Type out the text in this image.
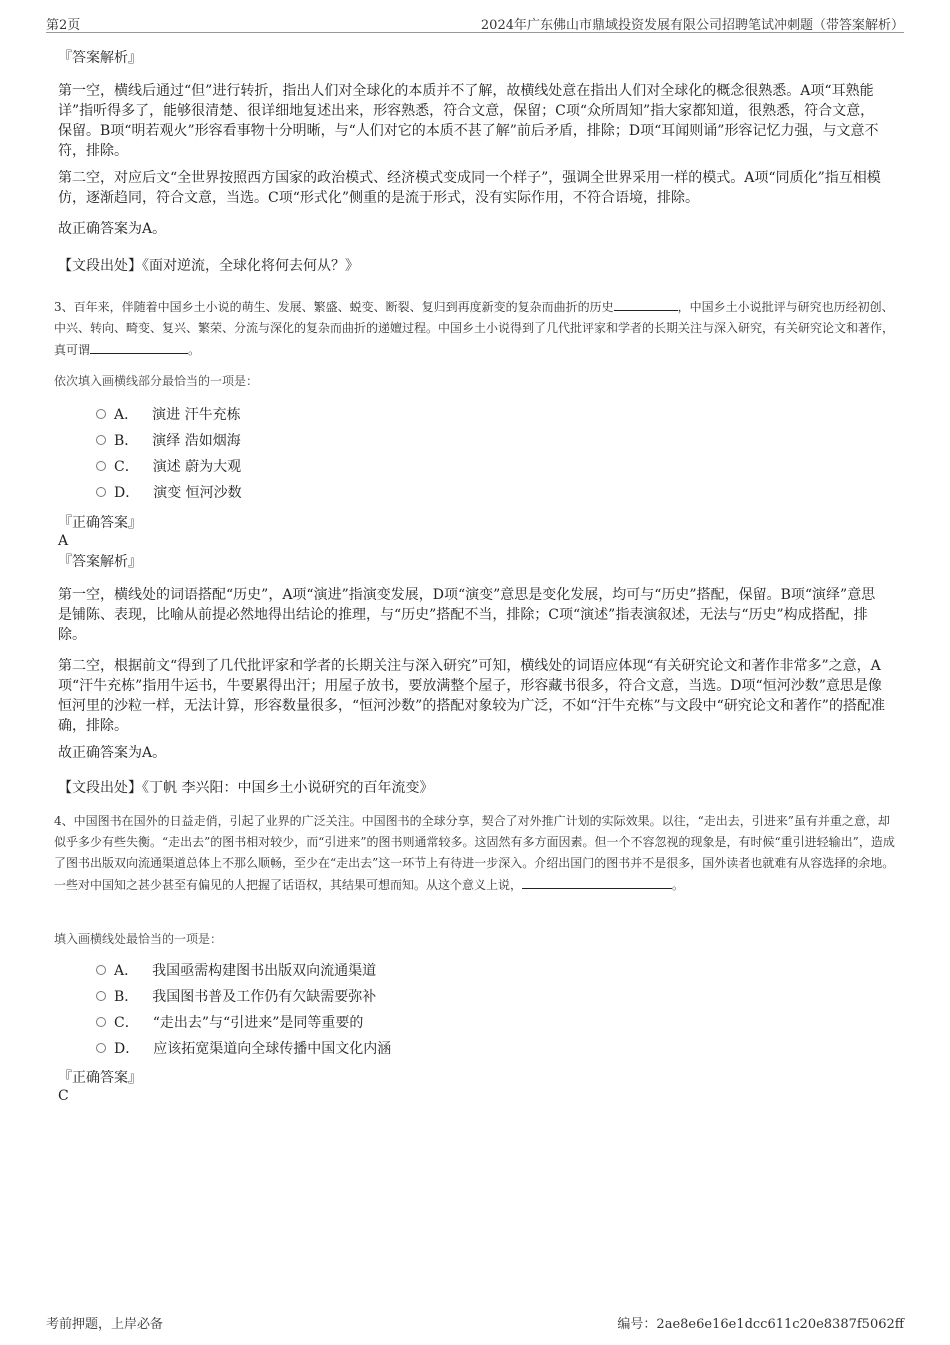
第2页	2024年广东佛山市鼎域投资发展有限公司招聘笔试冲刺题（带答案解析）
『答案解析』

第一空，横线后通过“但”进行转折，指出人们对全球化的本质并不了解，故横线处意在指出人们对全球化的概念很熟悉。A项“耳熟能详”指听得多了，能够很清楚、很详细地复述出来，形容熟悉，符合文意，保留；C项“众所周知”指大家都知道，很熟悉，符合文意，保留。B项“明若观火”形容看事物十分明晰，与“人们对它的本质不甚了解”前后矛盾，排除；D项“耳闻则诵”形容记忆力强，与文意不符，排除。

第二空，对应后文“全世界按照西方国家的政治模式、经济模式变成同一个样子”，强调全世界采用一样的模式。A项“同质化”指互相模仿，逐渐趋同，符合文意，当选。C项“形式化”侧重的是流于形式，没有实际作用，不符合语境，排除。

故正确答案为A。
【文段出处】《面对逆流，全球化将何去何从？》

3、百年来，伴随着中国乡土小说的萌生、发展、繁盛、蜕变、断裂、复归到再度新变的复杂而曲折的历史	，中国乡土小说批评与研究也历经初创、中兴、转向、畸变、复兴、繁荣、分流与深化的复杂而曲折的递嬗过程。中国乡土小说得到了几代批评家和学者的长期关注与深入研究，有关研究论文和著作，真可谓	。

依次填入画横线部分最恰当的一项是：
A． 演进 汗牛充栋
B． 演绎 浩如烟海
C． 演述 蔚为大观
D． 演变 恒河沙数
『正确答案』
A
『答案解析』

第一空，横线处的词语搭配“历史”，A项“演进”指演变发展，D项“演变”意思是变化发展，均可与“历史”搭配，保留。B项“演绎”意思是铺陈、表现，比喻从前提必然地得出结论的推理，与“历史”搭配不当，排除；C项“演述”指表演叙述，无法与“历史”构成搭配，排除。

第二空，根据前文“得到了几代批评家和学者的长期关注与深入研究”可知，横线处的词语应体现“有关研究论文和著作非常多”之意，A项“汗牛充栋”指用牛运书，牛要累得出汗；用屋子放书，要放满整个屋子，形容藏书很多，符合文意，当选。D项“恒河沙数”意思是像恒河里的沙粒一样，无法计算，形容数量很多，“恒河沙数”的搭配对象较为广泛，不如“汗牛充栋”与文段中“研究论文和著作”的搭配准确，排除。

故正确答案为A。
【文段出处】《丁帆 李兴阳：中国乡土小说研究的百年流变》

4、中国图书在国外的日益走俏，引起了业界的广泛关注。中国图书的全球分享，契合了对外推广计划的实际效果。以往，“走出去，引进来”虽有并重之意，却似乎多少有些失衡。“走出去”的图书相对较少，而“引进来”的图书则通常较多。这固然有多方面因素。但一个不容忽视的现象是，有时候“重引进轻输出”，造成了图书出版双向流通渠道总体上不那么顺畅，至少在“走出去”这一环节上有待进一步深入。介绍出国门的图书并不是很多，国外读者也就难有从容选择的余地。一些对中国知之甚少甚至有偏见的人把握了话语权，其结果可想而知。从这个意义上说，	。

填入画横线处最恰当的一项是：
A． 我国亟需构建图书出版双向流通渠道
B． 我国图书普及工作仍有欠缺需要弥补
C． “走出去”与“引进来”是同等重要的
D． 应该拓宽渠道向全球传播中国文化内涵
『正确答案』
C
考前押题，上岸必备	编号：2ae8e6e16e1dcc611c20e8387f5062ff
